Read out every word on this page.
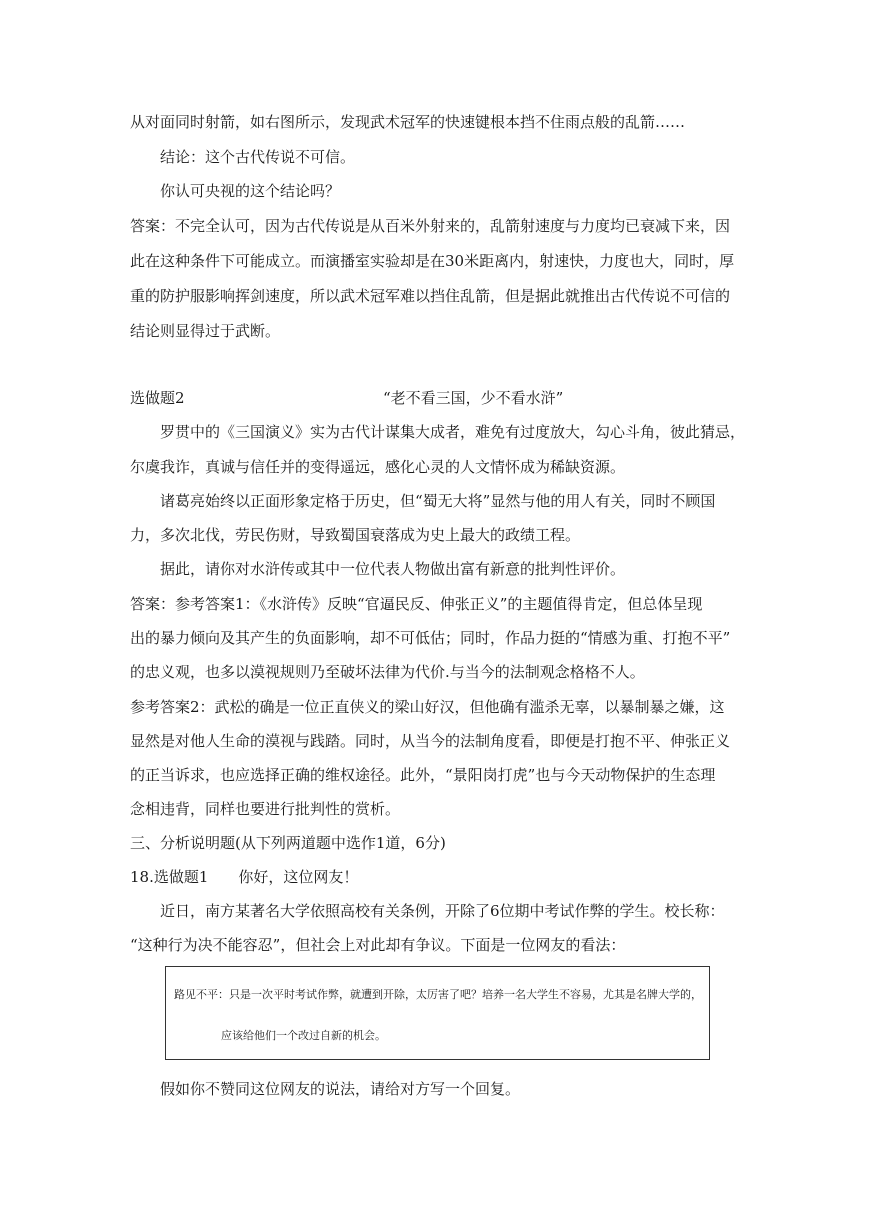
从对面同时射箭，如右图所示，发现武术冠军的快速键根本挡不住雨点般的乱箭……
结论：这个古代传说不可信。
你认可央视的这个结论吗？
答案：不完全认可，因为古代传说是从百米外射来的，乱箭射速度与力度均已衰减下来，因
此在这种条件下可能成立。而演播室实验却是在30米距离内，射速快，力度也大，同时，厚
重的防护服影响挥剑速度，所以武术冠军难以挡住乱箭，但是据此就推出古代传说不可信的
结论则显得过于武断。
选做题2	“老不看三国，少不看水浒”
罗贯中的《三国演义》实为古代计谋集大成者，难免有过度放大，勾心斗角，彼此猜忌，
尔虞我诈，真诚与信任并的变得遥远，感化心灵的人文情怀成为稀缺资源。
诸葛亮始终以正面形象定格于历史，但“蜀无大将”显然与他的用人有关，同时不顾国
力，多次北伐，劳民伤财，导致蜀国衰落成为史上最大的政绩工程。
据此，请你对水浒传或其中一位代表人物做出富有新意的批判性评价。
答案：参考答案1：《水浒传》反映“官逼民反、伸张正义”的主题值得肯定，但总体呈现
出的暴力倾向及其产生的负面影响，却不可低估；同时，作品力挺的“情感为重、打抱不平”
的忠义观，也多以漠视规则乃至破坏法律为代价.与当今的法制观念格格不人。
参考答案2：武松的确是一位正直侠义的梁山好汉，但他确有滥杀无辜，以暴制暴之嫌，这
显然是对他人生命的漠视与践踏。同时，从当今的法制角度看，即便是打抱不平、伸张正义
的正当诉求，也应选择正确的维权途径。此外，“景阳岗打虎”也与今天动物保护的生态理
念相违背，同样也要进行批判性的赏析。
三、分析说明题(从下列两道题中选作1道，6分)
18.选做题1　　你好，这位网友！
近日，南方某著名大学依照高校有关条例，开除了6位期中考试作弊的学生。校长称：
“这种行为决不能容忍”，但社会上对此却有争议。下面是一位网友的看法：
路见不平：只是一次平时考试作弊，就遭到开除，太厉害了吧？培养一名大学生不容易，尤其是名牌大学的，
应该给他们一个改过自新的机会。
假如你不赞同这位网友的说法，请给对方写一个回复。
